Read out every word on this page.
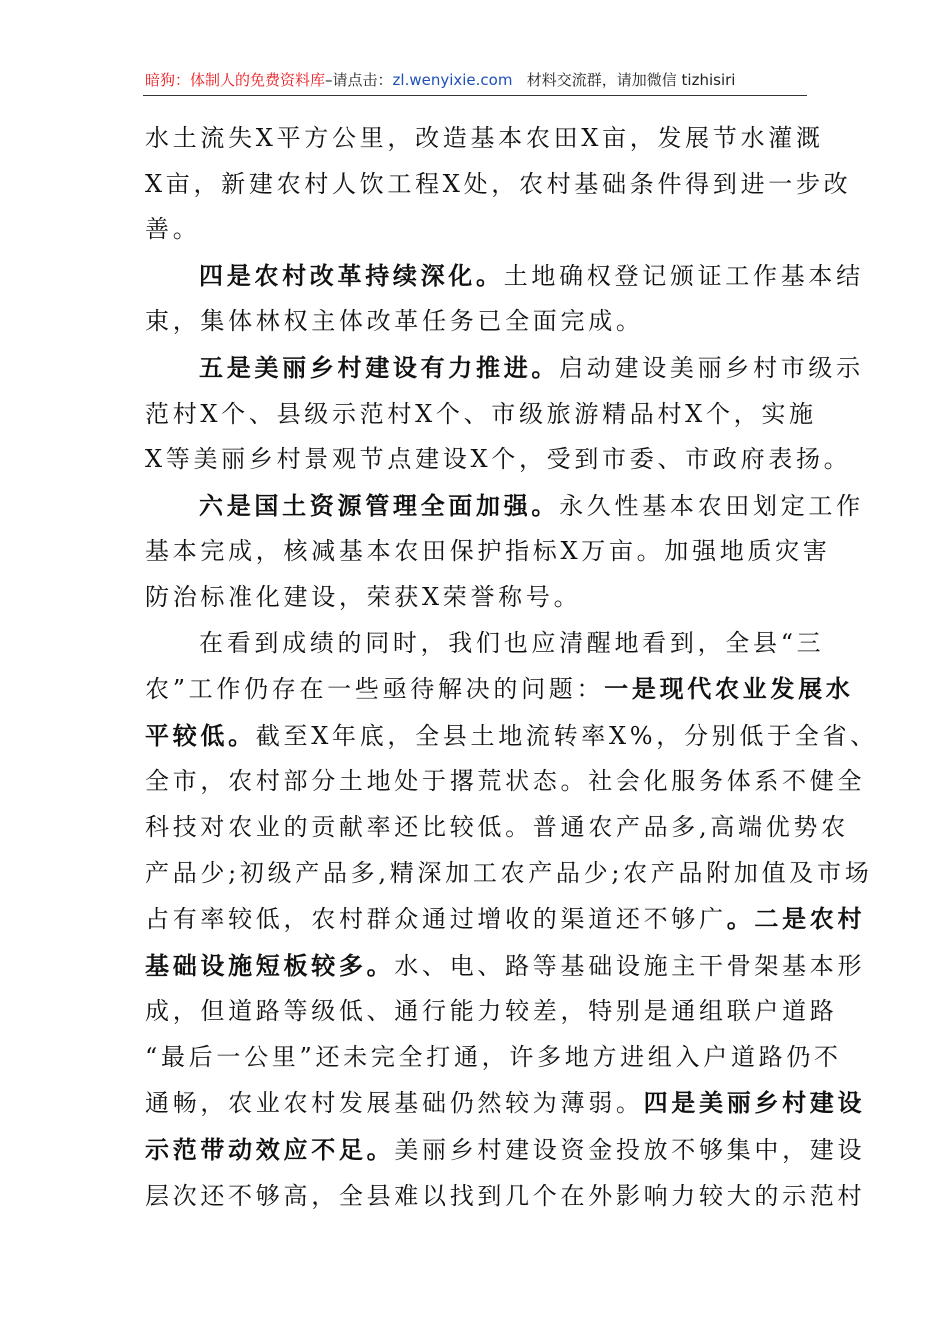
暗狗：体制人的免费资料库–请点击：zl.wenyixie.com 材料交流群，请加微信 tizhisiri

水土流失X平方公里，改造基本农田X亩，发展节水灌溉
X亩，新建农村人饮工程X处，农村基础条件得到进一步改
善。

四是农村改革持续深化。土地确权登记颁证工作基本结
束，集体林权主体改革任务已全面完成。

五是美丽乡村建设有力推进。启动建设美丽乡村市级示
范村X个、县级示范村X个、市级旅游精品村X个，实施
X等美丽乡村景观节点建设X个，受到市委、市政府表扬。

六是国土资源管理全面加强。永久性基本农田划定工作
基本完成，核减基本农田保护指标X万亩。加强地质灾害
防治标准化建设，荣获X荣誉称号。

在看到成绩的同时，我们也应清醒地看到，全县“三
农”工作仍存在一些亟待解决的问题：一是现代农业发展水
平较低。截至X年底，全县土地流转率X%，分别低于全省、
全市，农村部分土地处于撂荒状态。社会化服务体系不健全
科技对农业的贡献率还比较低。普通农产品多,高端优势农
产品少;初级产品多,精深加工农产品少;农产品附加值及市场
占有率较低，农村群众通过增收的渠道还不够广。二是农村
基础设施短板较多。水、电、路等基础设施主干骨架基本形
成，但道路等级低、通行能力较差，特别是通组联户道路
“最后一公里”还未完全打通，许多地方进组入户道路仍不
通畅，农业农村发展基础仍然较为薄弱。四是美丽乡村建设
示范带动效应不足。美丽乡村建设资金投放不够集中，建设
层次还不够高，全县难以找到几个在外影响力较大的示范村
